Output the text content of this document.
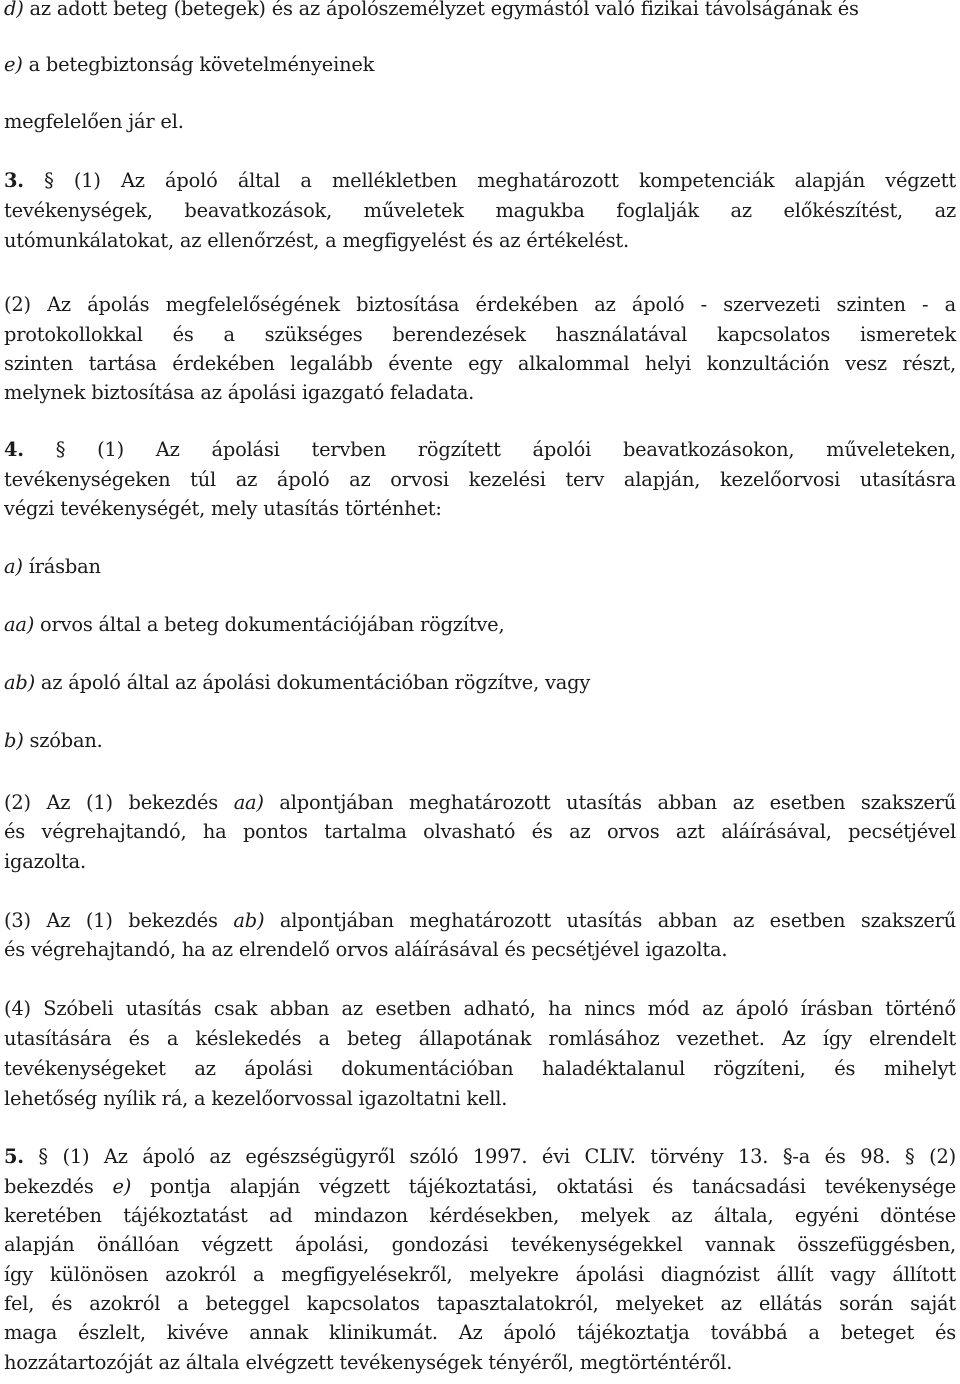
d) az adott beteg (betegek) és az ápolószemélyzet egymástól való fizikai távolságának és
e) a betegbiztonság követelményeinek
megfelelően jár el.
3. § (1) Az ápoló által a mellékletben meghatározott kompetenciák alapján végzett
tevékenységek, beavatkozások, műveletek magukba foglalják az előkészítést, az
utómunkálatokat, az ellenőrzést, a megfigyelést és az értékelést.
(2) Az ápolás megfelelőségének biztosítása érdekében az ápoló - szervezeti szinten - a
protokollokkal és a szükséges berendezések használatával kapcsolatos ismeretek
szinten tartása érdekében legalább évente egy alkalommal helyi konzultáción vesz részt,
melynek biztosítása az ápolási igazgató feladata.
4. § (1) Az ápolási tervben rögzített ápolói beavatkozásokon, műveleteken,
tevékenységeken túl az ápoló az orvosi kezelési terv alapján, kezelőorvosi utasításra
végzi tevékenységét, mely utasítás történhet:
a) írásban
aa) orvos által a beteg dokumentációjában rögzítve,
ab) az ápoló által az ápolási dokumentációban rögzítve, vagy
b) szóban.
(2) Az (1) bekezdés aa) alpontjában meghatározott utasítás abban az esetben szakszerű
és végrehajtandó, ha pontos tartalma olvasható és az orvos azt aláírásával, pecsétjével
igazolta.
(3) Az (1) bekezdés ab) alpontjában meghatározott utasítás abban az esetben szakszerű
és végrehajtandó, ha az elrendelő orvos aláírásával és pecsétjével igazolta.
(4) Szóbeli utasítás csak abban az esetben adható, ha nincs mód az ápoló írásban történő
utasítására és a késlekedés a beteg állapotának romlásához vezethet. Az így elrendelt
tevékenységeket az ápolási dokumentációban haladéktalanul rögzíteni, és mihelyt
lehetőség nyílik rá, a kezelőorvossal igazoltatni kell.
5. § (1) Az ápoló az egészségügyről szóló 1997. évi CLIV. törvény 13. §-a és 98. § (2)
bekezdés e) pontja alapján végzett tájékoztatási, oktatási és tanácsadási tevékenysége
keretében tájékoztatást ad mindazon kérdésekben, melyek az általa, egyéni döntése
alapján önállóan végzett ápolási, gondozási tevékenységekkel vannak összefüggésben,
így különösen azokról a megfigyelésekről, melyekre ápolási diagnózist állít vagy állított
fel, és azokról a beteggel kapcsolatos tapasztalatokról, melyeket az ellátás során saját
maga észlelt, kivéve annak klinikumát. Az ápoló tájékoztatja továbbá a beteget és
hozzátartozóját az általa elvégzett tevékenységek tényéről, megtörténtéről.
